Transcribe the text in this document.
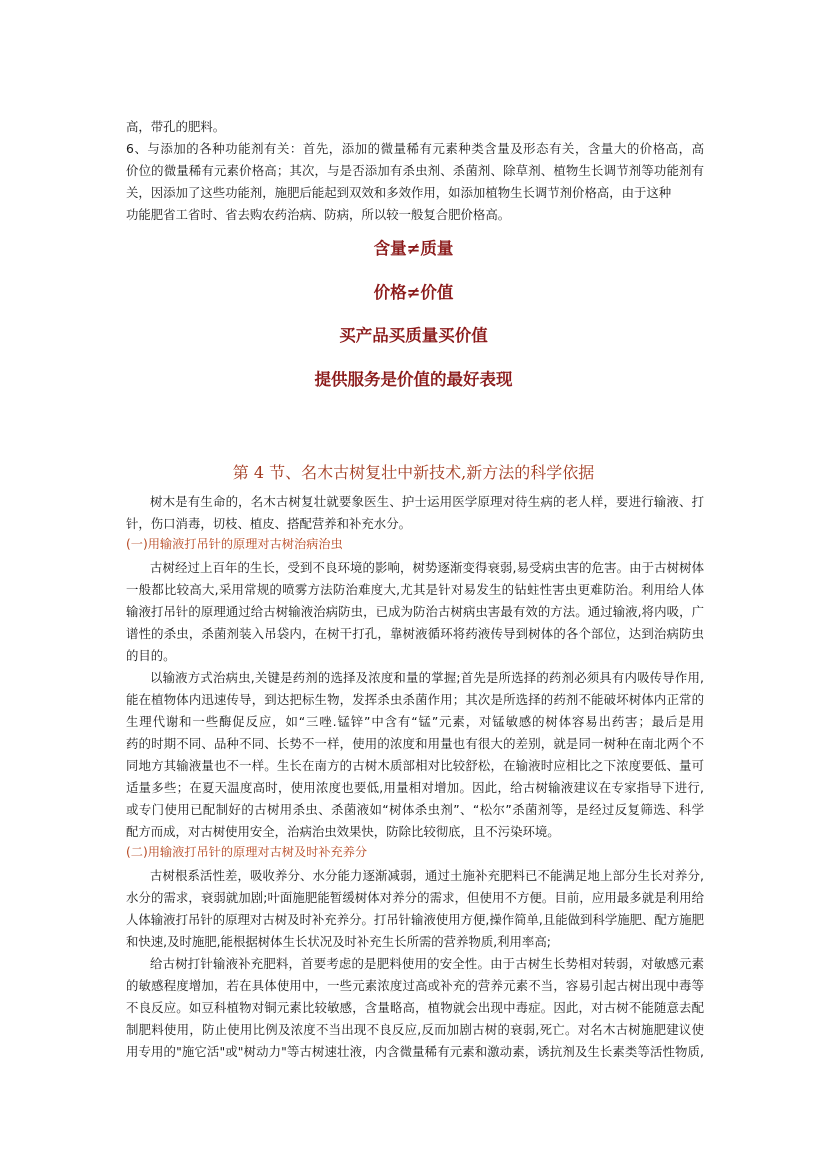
高，带孔的肥料。
6、与添加的各种功能剂有关：首先，添加的微量稀有元素种类含量及形态有关，含量大的价格高，高
价位的微量稀有元素价格高；其次，与是否添加有杀虫剂、杀菌剂、除草剂、植物生长调节剂等功能剂有
关，因添加了这些功能剂，施肥后能起到双效和多效作用，如添加植物生长调节剂价格高，由于这种
功能肥省工省时、省去购农药治病、防病，所以较一般复合肥价格高。
含量≠质量
价格≠价值
买产品买质量买价值
提供服务是价值的最好表现
第 4 节、名木古树复壮中新技术,新方法的科学依据
树木是有生命的，名木古树复壮就要象医生、护士运用医学原理对待生病的老人样，要进行输液、打
针，伤口消毒，切枝、植皮、搭配营养和补充水分。
(一)用输液打吊针的原理对古树治病治虫
古树经过上百年的生长，受到不良环境的影响，树势逐渐变得衰弱,易受病虫害的危害。由于古树树体
一般都比较高大,采用常规的喷雾方法防治难度大,尤其是针对易发生的钻蛀性害虫更难防治。利用给人体
输液打吊针的原理通过给古树输液治病防虫，已成为防治古树病虫害最有效的方法。通过输液,将内吸，广
谱性的杀虫，杀菌剂装入吊袋内，在树干打孔，靠树液循环将药液传导到树体的各个部位，达到治病防虫
的目的。
以输液方式治病虫,关键是药剂的选择及浓度和量的掌握;首先是所选择的药剂必须具有内吸传导作用,
能在植物体内迅速传导，到达把标生物，发挥杀虫杀菌作用；其次是所选择的药剂不能破坏树体内正常的
生理代谢和一些酶促反应，如“三唑.锰锌”中含有“锰”元素，对锰敏感的树体容易出药害；最后是用
药的时期不同、品种不同、长势不一样，使用的浓度和用量也有很大的差别，就是同一树种在南北两个不
同地方其输液量也不一样。生长在南方的古树木质部相对比较舒松，在输液时应相比之下浓度要低、量可
适量多些；在夏天温度高时，使用浓度也要低,用量相对增加。因此，给古树输液建议在专家指导下进行,
或专门使用已配制好的古树用杀虫、杀菌液如“树体杀虫剂”、“松尔”杀菌剂等，是经过反复筛选、科学
配方而成，对古树使用安全，治病治虫效果快，防除比较彻底，且不污染环境。
(二)用输液打吊针的原理对古树及时补充养分
古树根系活性差，吸收养分、水分能力逐渐减弱，通过土施补充肥料已不能满足地上部分生长对养分,
水分的需求，衰弱就加剧;叶面施肥能暂缓树体对养分的需求，但使用不方便。目前，应用最多就是利用给
人体输液打吊针的原理对古树及时补充养分。打吊针输液使用方便,操作简单,且能做到科学施肥、配方施肥
和快速,及时施肥,能根据树体生长状况及时补充生长所需的营养物质,利用率高;
给古树打针输液补充肥料，首要考虑的是肥料使用的安全性。由于古树生长势相对转弱，对敏感元素
的敏感程度增加，若在具体使用中，一些元素浓度过高或补充的营养元素不当，容易引起古树出现中毒等
不良反应。如豆科植物对铜元素比较敏感，含量略高，植物就会出现中毒症。因此，对古树不能随意去配
制肥料使用，防止使用比例及浓度不当出现不良反应,反而加剧古树的衰弱,死亡。对名木古树施肥建议使
用专用的"施它活"或"树动力"等古树速壮液，内含微量稀有元素和激动素，诱抗剂及生长素类等活性物质,
